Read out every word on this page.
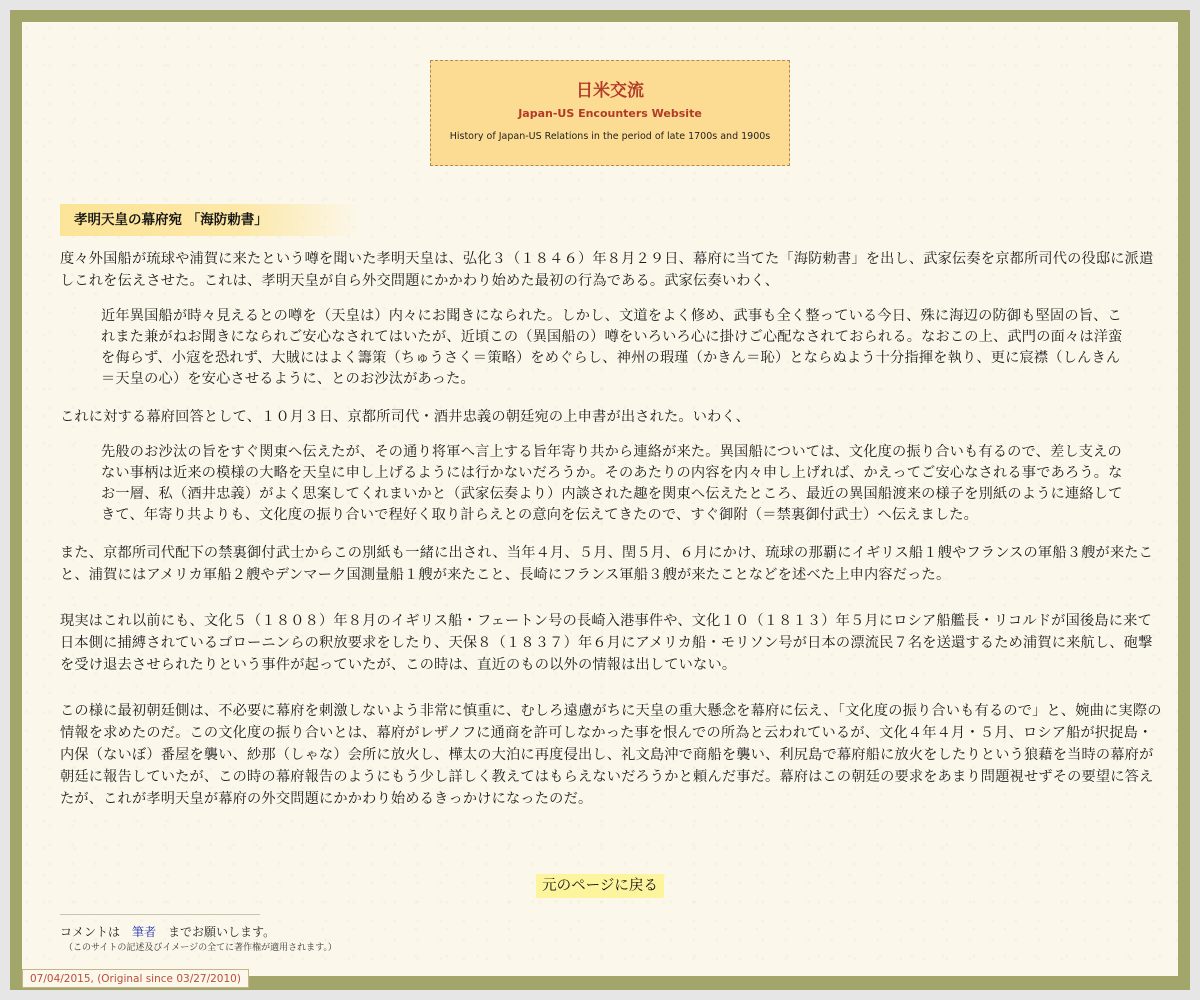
日米交流
Japan-US Encounters Website
History of Japan-US Relations in the period of late 1700s and 1900s
孝明天皇の幕府宛 「海防勅書」

度々外国船が琉球や浦賀に来たという噂を聞いた孝明天皇は、弘化３（１８４６）年８月２９日、幕府に当てた「海防勅書」を出し、武家伝奏を京都所司代の役邸に派遣しこれを伝えさせた。これは、孝明天皇が自ら外交問題にかかわり始めた最初の行為である。武家伝奏いわく、

近年異国船が時々見えるとの噂を（天皇は）内々にお聞きになられた。しかし、文道をよく修め、武事も全く整っている今日、殊に海辺の防御も堅固の旨、これまた兼がねお聞きになられご安心なされてはいたが、近頃この（異国船の）噂をいろいろ心に掛けご心配なされておられる。なおこの上、武門の面々は洋蛮を侮らず、小寇を恐れず、大賊にはよく籌策（ちゅうさく＝策略）をめぐらし、神州の瑕瑾（かきん＝恥）とならぬよう十分指揮を執り、更に宸襟（しんきん＝天皇の心）を安心させるように、とのお沙汰があった。

これに対する幕府回答として、１０月３日、京都所司代・酒井忠義の朝廷宛の上申書が出された。いわく、

先般のお沙汰の旨をすぐ関東へ伝えたが、その通り将軍へ言上する旨年寄り共から連絡が来た。異国船については、文化度の振り合いも有るので、差し支えのない事柄は近来の模様の大略を天皇に申し上げるようには行かないだろうか。そのあたりの内容を内々申し上げれば、かえってご安心なされる事であろう。なお一層、私（酒井忠義）がよく思案してくれまいかと（武家伝奏より）内談された趣を関東へ伝えたところ、最近の異国船渡来の様子を別紙のように連絡してきて、年寄り共よりも、文化度の振り合いで程好く取り計らえとの意向を伝えてきたので、すぐ御附（＝禁裏御付武士）へ伝えました。

また、京都所司代配下の禁裏御付武士からこの別紙も一緒に出され、当年４月、５月、閏５月、６月にかけ、琉球の那覇にイギリス船１艘やフランスの軍船３艘が来たこと、浦賀にはアメリカ軍船２艘やデンマーク国測量船１艘が来たこと、長崎にフランス軍船３艘が来たことなどを述べた上申内容だった。

現実はこれ以前にも、文化５（１８０８）年８月のイギリス船・フェートン号の長崎入港事件や、文化１０（１８１３）年５月にロシア船艦長・リコルドが国後島に来て日本側に捕縛されているゴローニンらの釈放要求をしたり、天保８（１８３７）年６月にアメリカ船・モリソン号が日本の漂流民７名を送還するため浦賀に来航し、砲撃を受け退去させられたりという事件が起っていたが、この時は、直近のもの以外の情報は出していない。

この様に最初朝廷側は、不必要に幕府を刺激しないよう非常に慎重に、むしろ遠慮がちに天皇の重大懸念を幕府に伝え、「文化度の振り合いも有るので」と、婉曲に実際の情報を求めたのだ。この文化度の振り合いとは、幕府がレザノフに通商を許可しなかった事を恨んでの所為と云われているが、文化４年４月・５月、ロシア船が択捉島・内保（ないぼ）番屋を襲い、紗那（しゃな）会所に放火し、樺太の大泊に再度侵出し、礼文島沖で商船を襲い、利尻島で幕府船に放火をしたりという狼藉を当時の幕府が朝廷に報告していたが、この時の幕府報告のようにもう少し詳しく教えてはもらえないだろうかと頼んだ事だ。幕府はこの朝廷の要求をあまり問題視せずその要望に答えたが、これが孝明天皇が幕府の外交問題にかかわり始めるきっかけになったのだ。

元のページに戻る
コメントは 筆者 までお願いします。
（このサイトの記述及びイメージの全てに著作権が適用されます。）
07/04/2015, (Original since 03/27/2010)
